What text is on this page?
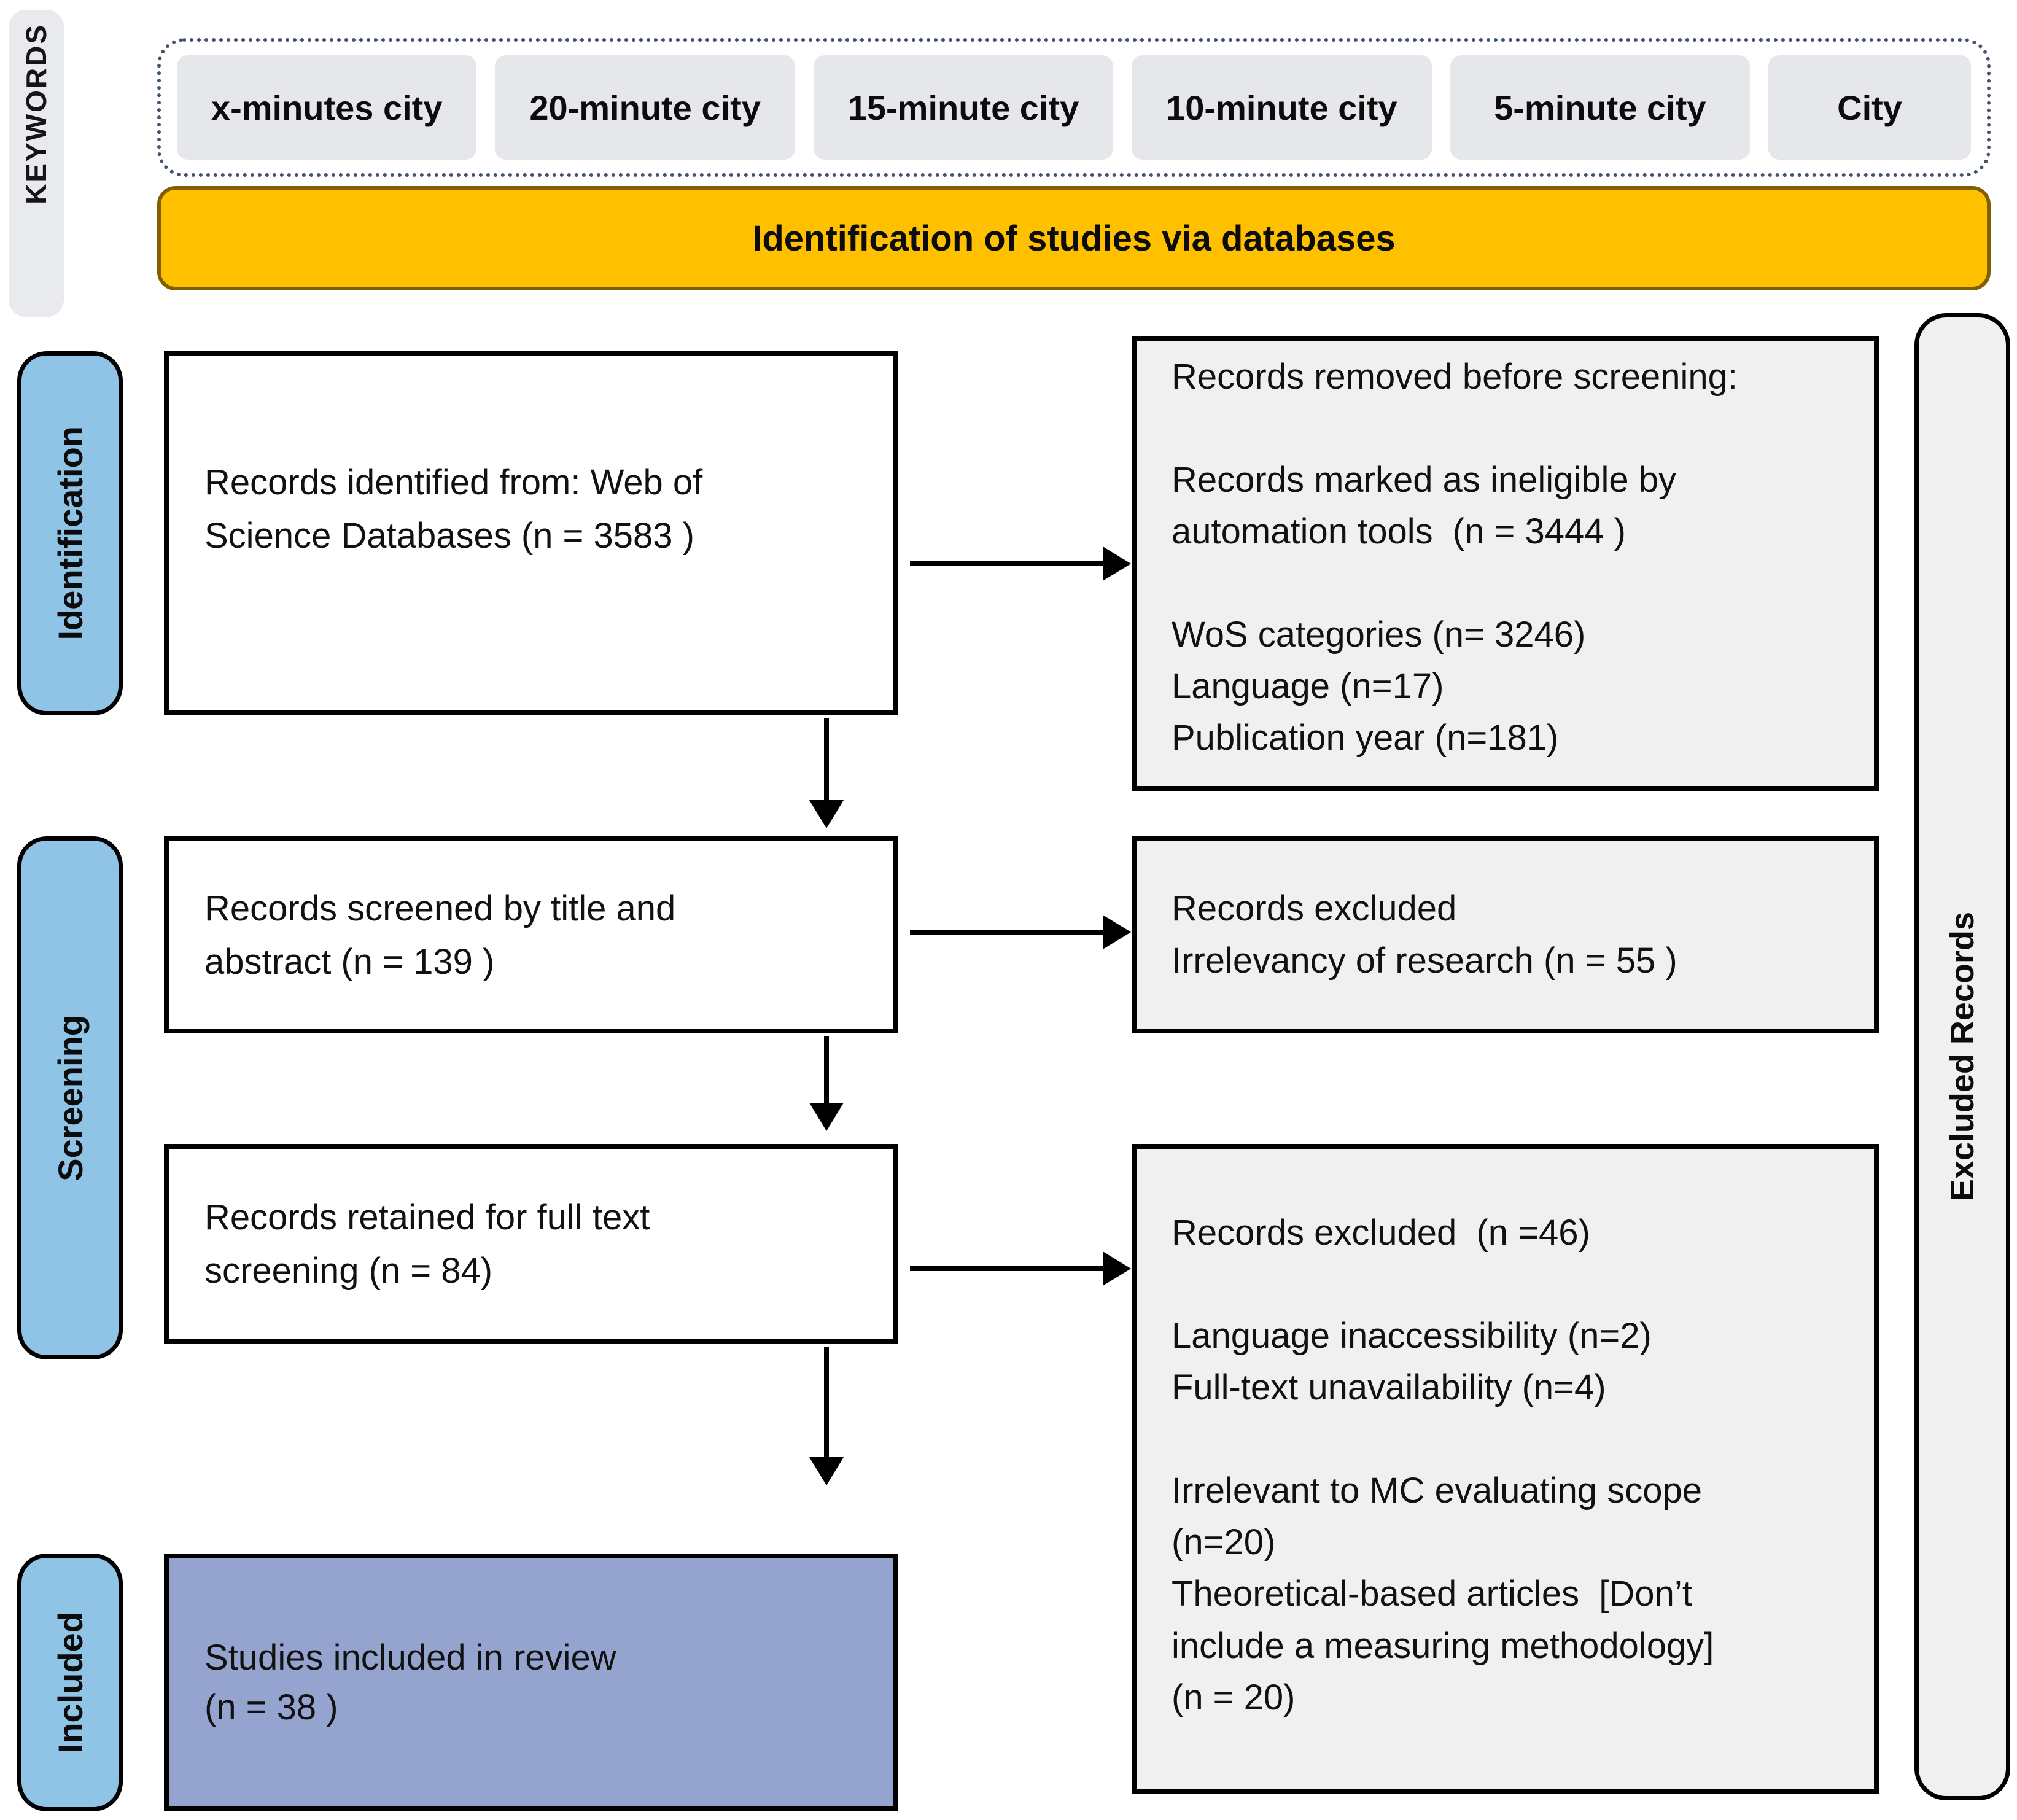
KEYWORDS	x-minutes city	20-minute city	15-minute city	10-minute city	5-minute city	City
Identification of studies via databases
Identification
Screening
Included

Records identified from: Web of

Science Databases (n = 3583 )

Records screened by title and

abstract (n = 139 )

Records retained for full text

screening (n = 84)

Studies included in review

(n = 38 )

Records removed before screening:

Records marked as ineligible by

automation tools  (n = 3444 )

WoS categories (n= 3246)

Language (n=17)

Publication year (n=181)

Records excluded

Irrelevancy of research (n = 55 )

Records excluded  (n =46)

Language inaccessibility (n=2)

Full-text unavailability (n=4)

Irrelevant to MC evaluating scope

(n=20)

Theoretical-based articles  [Don’t

include a measuring methodology]

(n = 20)

Excluded Records
